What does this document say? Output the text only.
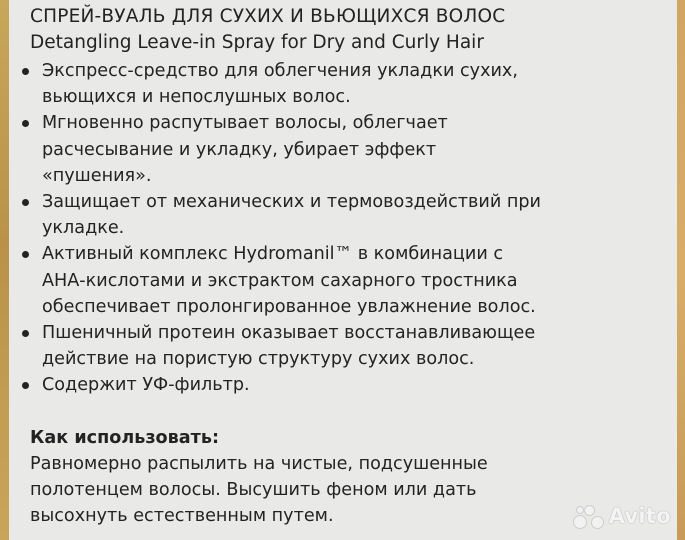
СПРЕЙ-ВУАЛЬ ДЛЯ СУХИХ И ВЬЮЩИХСЯ ВОЛОС
Detangling Leave-in Spray for Dry and Curly Hair
Экспресс-средство для облегчения укладки сухих,
вьющихся и непослушных волос.
Мгновенно распутывает волосы, облегчает
расчесывание и укладку, убирает эффект
«пушения».
Защищает от механических и термовоздействий при
укладке.
Активный комплекс Hydromanil™ в комбинации с
АНА-кислотами и экстрактом сахарного тростника
обеспечивает пролонгированное увлажнение волос.
Пшеничный протеин оказывает восстанавливающее
действие на пористую структуру сухих волос.
Содержит УФ-фильтр.
Как использовать:
Равномерно распылить на чистые, подсушенные
полотенцем волосы. Высушить феном или дать
высохнуть естественным путем.	Avito
